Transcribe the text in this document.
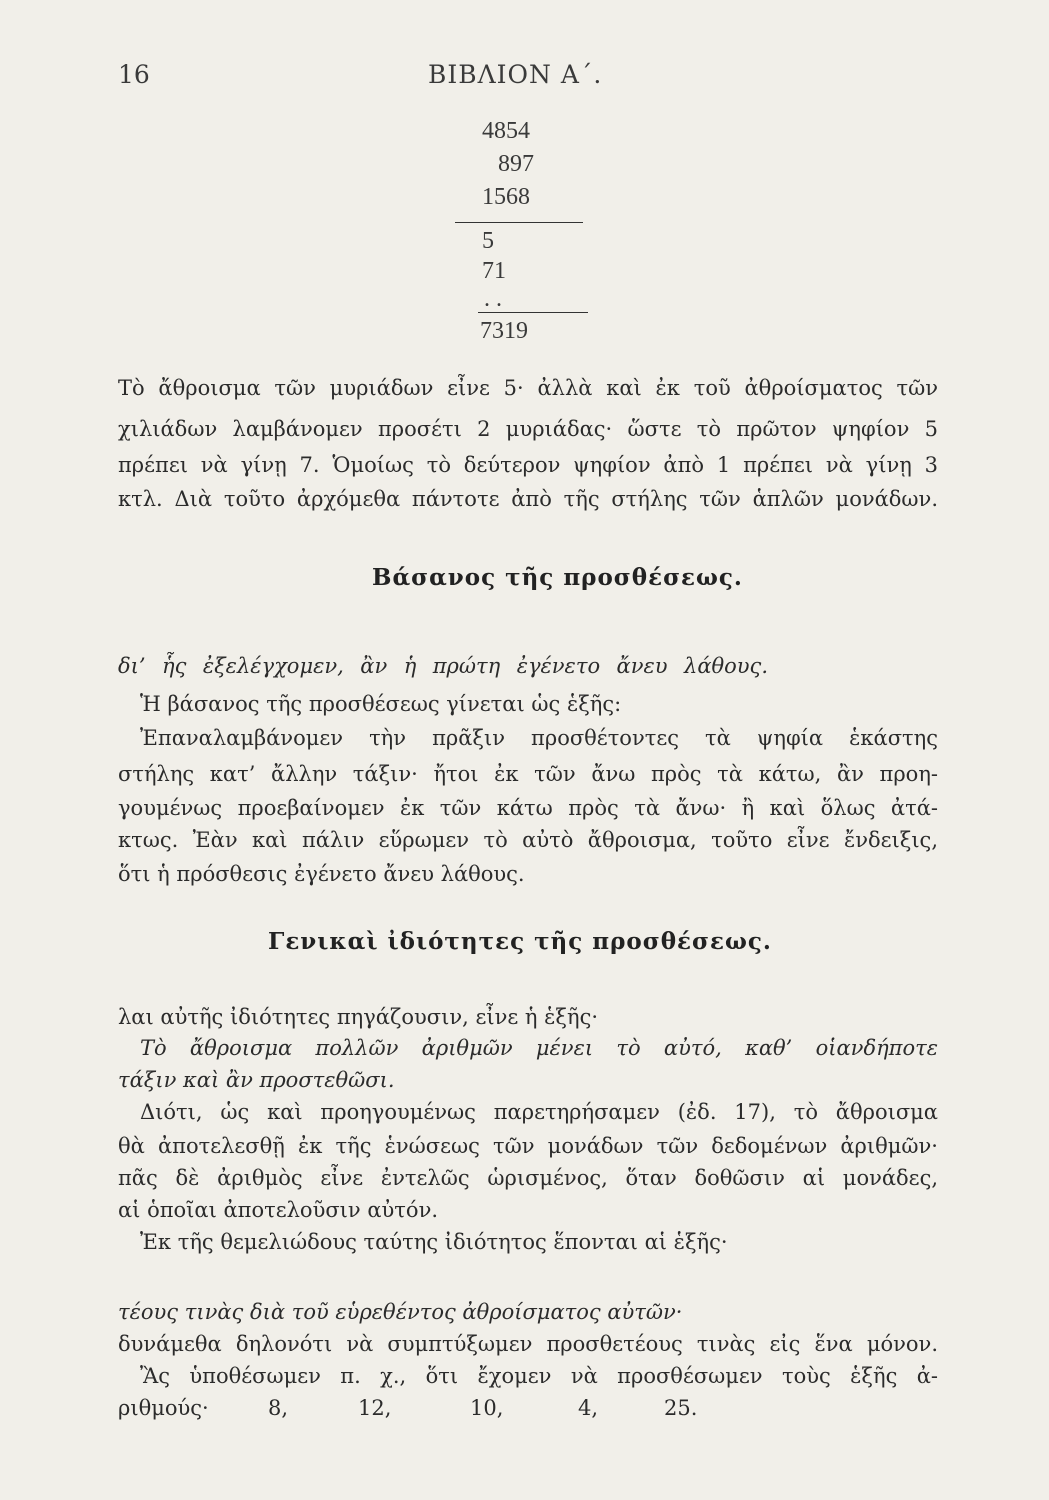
16	ΒΙΒΛΙΟΝ Α΄.
4854
897
1568
5
71
. .
7319
Τὸ ἄθροισμα τῶν μυριάδων εἶνε 5· ἀλλὰ καὶ ἐκ τοῦ ἀθροίσματος τῶν
χιλιάδων λαμβάνομεν προσέτι 2 μυριάδας· ὥστε τὸ πρῶτον ψηφίον 5
πρέπει νὰ γίνῃ 7. Ὁμοίως τὸ δεύτερον ψηφίον ἀπὸ 1 πρέπει νὰ γίνῃ 3
κτλ. Διὰ τοῦτο ἀρχόμεθα πάντοτε ἀπὸ τῆς στήλης τῶν ἁπλῶν μονάδων.
Βάσανος τῆς προσθέσεως.
δι’ ἧς ἐξελέγχομεν, ἂν ἡ πρώτη ἐγένετο ἄνευ λάθους.
Ἡ βάσανος τῆς προσθέσεως γίνεται ὡς ἑξῆς:
Ἐπαναλαμβάνομεν τὴν πρᾶξιν προσθέτοντες τὰ ψηφία ἑκάστης
στήλης κατ’ ἄλλην τάξιν· ἤτοι ἐκ τῶν ἄνω πρὸς τὰ κάτω, ἂν προη-
γουμένως προεβαίνομεν ἐκ τῶν κάτω πρὸς τὰ ἄνω· ἢ καὶ ὅλως ἀτά-
κτως. Ἐὰν καὶ πάλιν εὕρωμεν τὸ αὐτὸ ἄθροισμα, τοῦτο εἶνε ἔνδειξις,
ὅτι ἡ πρόσθεσις ἐγένετο ἄνευ λάθους.
Γενικαὶ ἰδιότητες τῆς προσθέσεως.
λαι αὐτῆς ἰδιότητες πηγάζουσιν, εἶνε ἡ ἑξῆς·
Τὸ ἄθροισμα πολλῶν ἀριθμῶν μένει τὸ αὐτό, καθ’ οἱανδήποτε
τάξιν καὶ ἂν προστεθῶσι.
Διότι, ὡς καὶ προηγουμένως παρετηρήσαμεν (ἐδ. 17), τὸ ἄθροισμα
θὰ ἀποτελεσθῇ ἐκ τῆς ἑνώσεως τῶν μονάδων τῶν δεδομένων ἀριθμῶν·
πᾶς δὲ ἀριθμὸς εἶνε ἐντελῶς ὡρισμένος, ὅταν δοθῶσιν αἱ μονάδες,
αἱ ὁποῖαι ἀποτελοῦσιν αὐτόν.
Ἐκ τῆς θεμελιώδους ταύτης ἰδιότητος ἕπονται αἱ ἑξῆς·
τέους τινὰς διὰ τοῦ εὑρεθέντος ἀθροίσματος αὐτῶν·
δυνάμεθα δηλονότι νὰ συμπτύξωμεν προσθετέους τινὰς εἰς ἕνα μόνον.
Ἂς ὑποθέσωμεν π. χ., ὅτι ἔχομεν νὰ προσθέσωμεν τοὺς ἑξῆς ἀ-
ριθμούς·	8,	12,	10,	4,	25.
